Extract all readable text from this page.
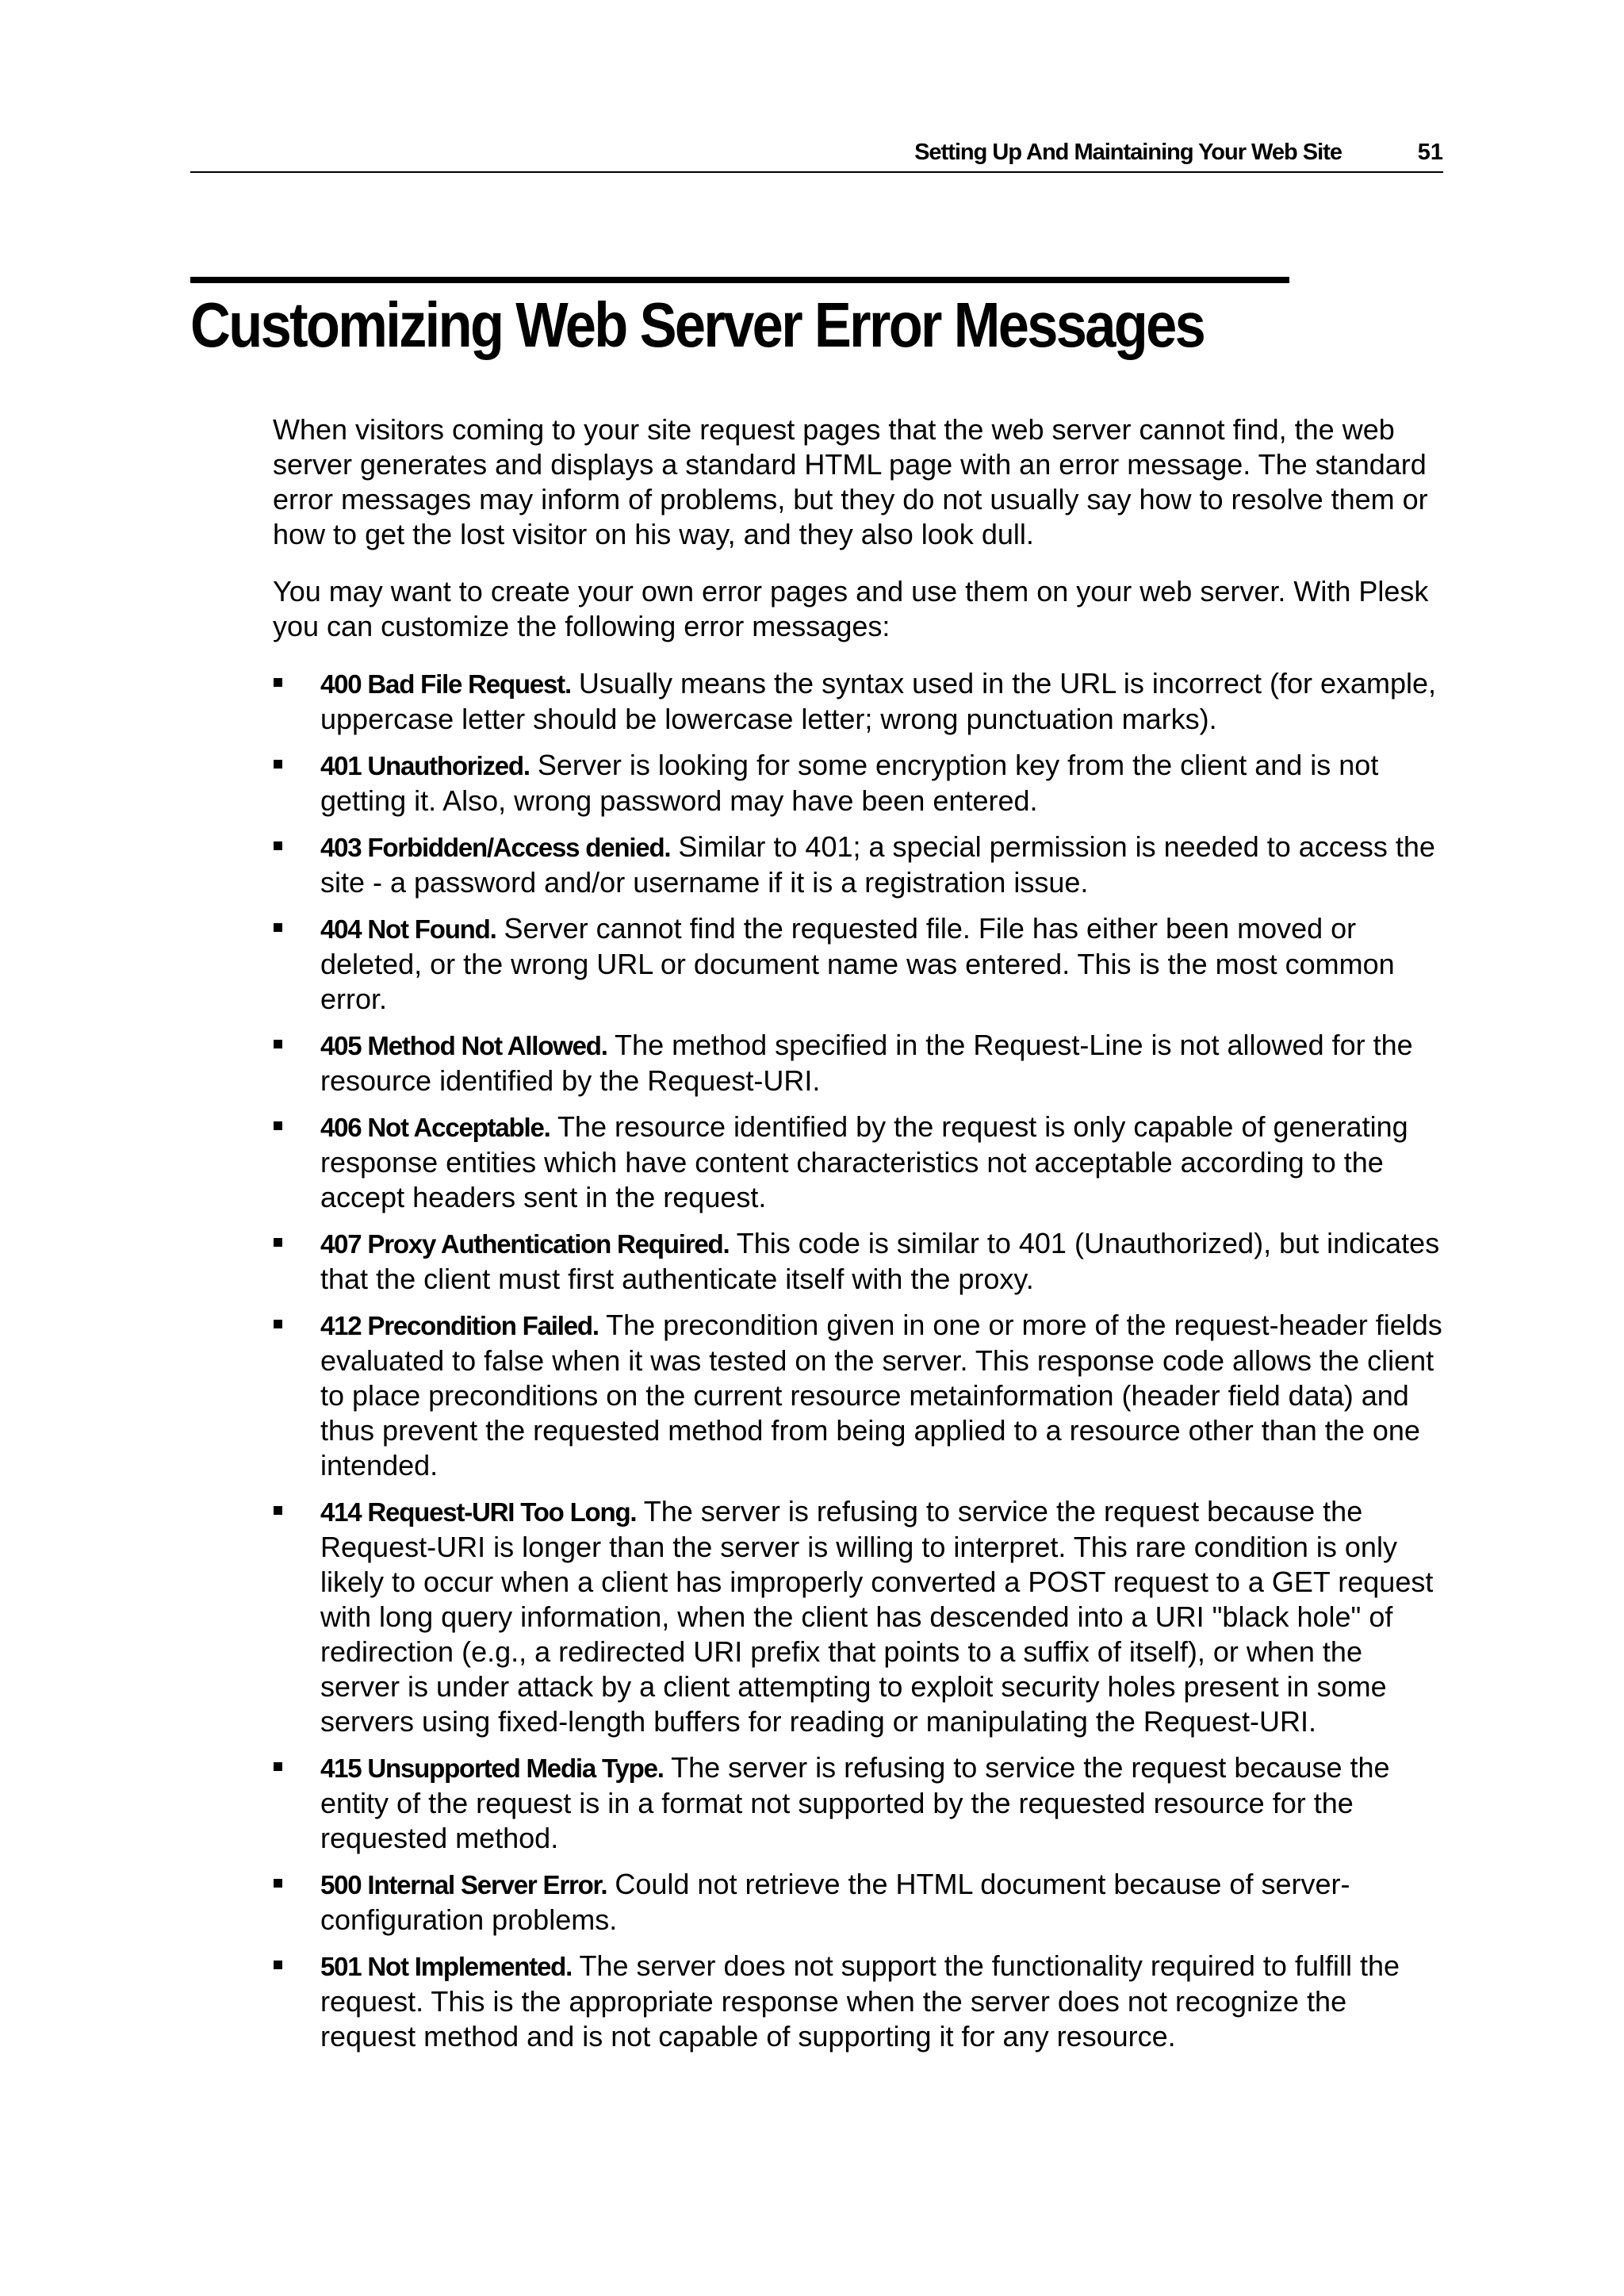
Setting Up And Maintaining Your Web Site	51
Customizing Web Server Error Messages

When visitors coming to your site request pages that the web server cannot find, the web server generates and displays a standard HTML page with an error message. The standard error messages may inform of problems, but they do not usually say how to resolve them or how to get the lost visitor on his way, and they also look dull.

You may want to create your own error pages and use them on your web server. With Plesk you can customize the following error messages:

400 Bad File Request. Usually means the syntax used in the URL is incorrect (for example, uppercase letter should be lowercase letter; wrong punctuation marks).
401 Unauthorized. Server is looking for some encryption key from the client and is not getting it. Also, wrong password may have been entered.
403 Forbidden/Access denied. Similar to 401; a special permission is needed to access the site - a password and/or username if it is a registration issue.
404 Not Found. Server cannot find the requested file. File has either been moved or deleted, or the wrong URL or document name was entered. This is the most common error.
405 Method Not Allowed. The method specified in the Request-Line is not allowed for the resource identified by the Request-URI.
406 Not Acceptable. The resource identified by the request is only capable of generating response entities which have content characteristics not acceptable according to the accept headers sent in the request.
407 Proxy Authentication Required. This code is similar to 401 (Unauthorized), but indicates that the client must first authenticate itself with the proxy.
412 Precondition Failed. The precondition given in one or more of the request-header fields evaluated to false when it was tested on the server. This response code allows the client to place preconditions on the current resource metainformation (header field data) and thus prevent the requested method from being applied to a resource other than the one intended.
414 Request-URI Too Long. The server is refusing to service the request because the Request-URI is longer than the server is willing to interpret. This rare condition is only likely to occur when a client has improperly converted a POST request to a GET request with long query information, when the client has descended into a URI "black hole" of redirection (e.g., a redirected URI prefix that points to a suffix of itself), or when the server is under attack by a client attempting to exploit security holes present in some servers using fixed-length buffers for reading or manipulating the Request-URI.
415 Unsupported Media Type. The server is refusing to service the request because the entity of the request is in a format not supported by the requested resource for the requested method.
500 Internal Server Error. Could not retrieve the HTML document because of server-configuration problems.
501 Not Implemented. The server does not support the functionality required to fulfill the request. This is the appropriate response when the server does not recognize the request method and is not capable of supporting it for any resource.
